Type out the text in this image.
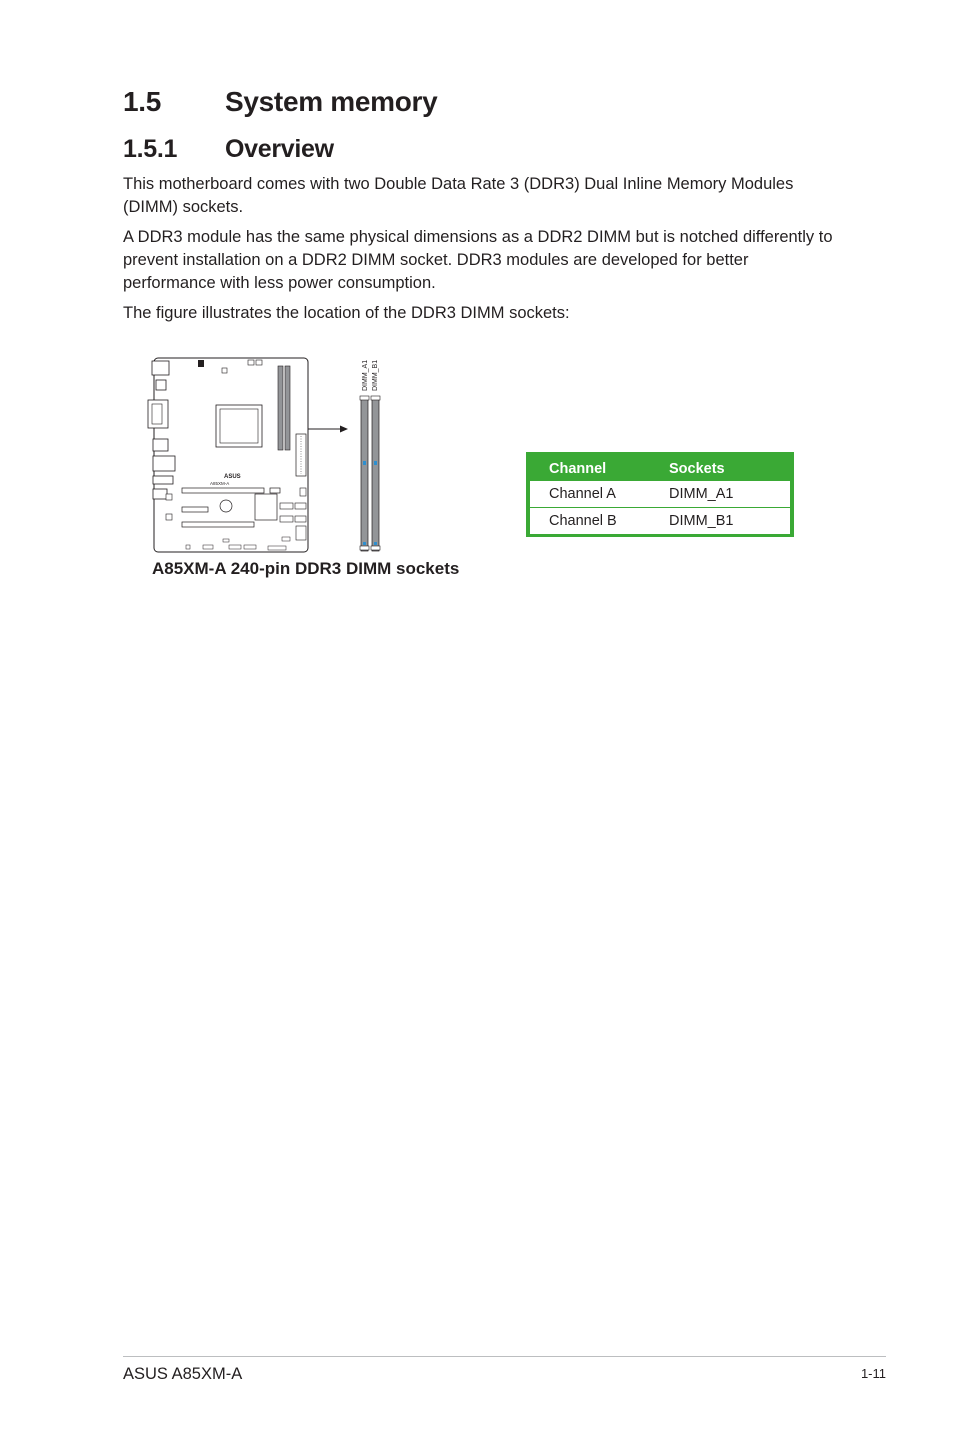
1.5 System memory
1.5.1 Overview

This motherboard comes with two Double Data Rate 3 (DDR3) Dual Inline Memory Modules (DIMM) sockets.

A DDR3 module has the same physical dimensions as a DDR2 DIMM but is notched differently to prevent installation on a DDR2 DIMM socket. DDR3 modules are developed for better performance with less power consumption.

The figure illustrates the location of the DDR3 DIMM sockets:

ASUS
A85XM-A
DIMM_A1 DIMM_B1

A85XM-A 240-pin DDR3 DIMM sockets

Channel	Sockets
Channel A	DIMM_A1
Channel B	DIMM_B1
ASUS A85XM-A	1-11
